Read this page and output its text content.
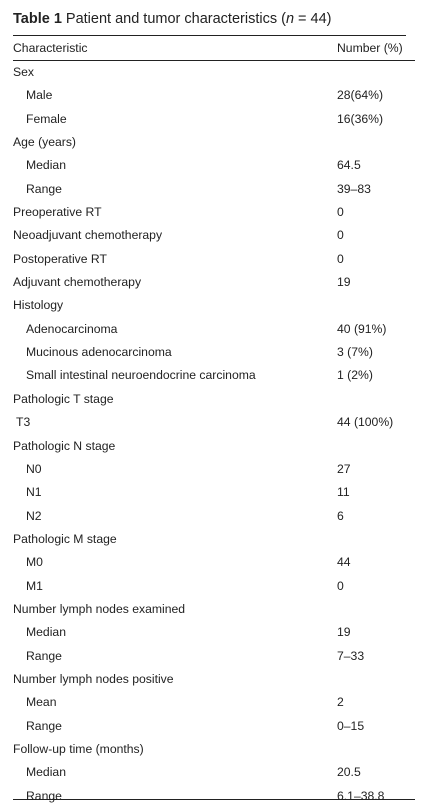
Table 1 Patient and tumor characteristics (n = 44)
Characteristic	Number (%)
Sex	
Male	28(64%)
Female	16(36%)
Age (years)	
Median	64.5
Range	39–83
Preoperative RT	0
Neoadjuvant chemotherapy	0
Postoperative RT	0
Adjuvant chemotherapy	19
Histology	
Adenocarcinoma	40 (91%)
Mucinous adenocarcinoma	3 (7%)
Small intestinal neuroendocrine carcinoma	1 (2%)
Pathologic T stage	
T3	44 (100%)
Pathologic N stage	
N0	27
N1	11
N2	6
Pathologic M stage	
M0	44
M1	0
Number lymph nodes examined	
Median	19
Range	7–33
Number lymph nodes positive	
Mean	2
Range	0–15
Follow-up time (months)	
Median	20.5
Range	6.1–38.8
